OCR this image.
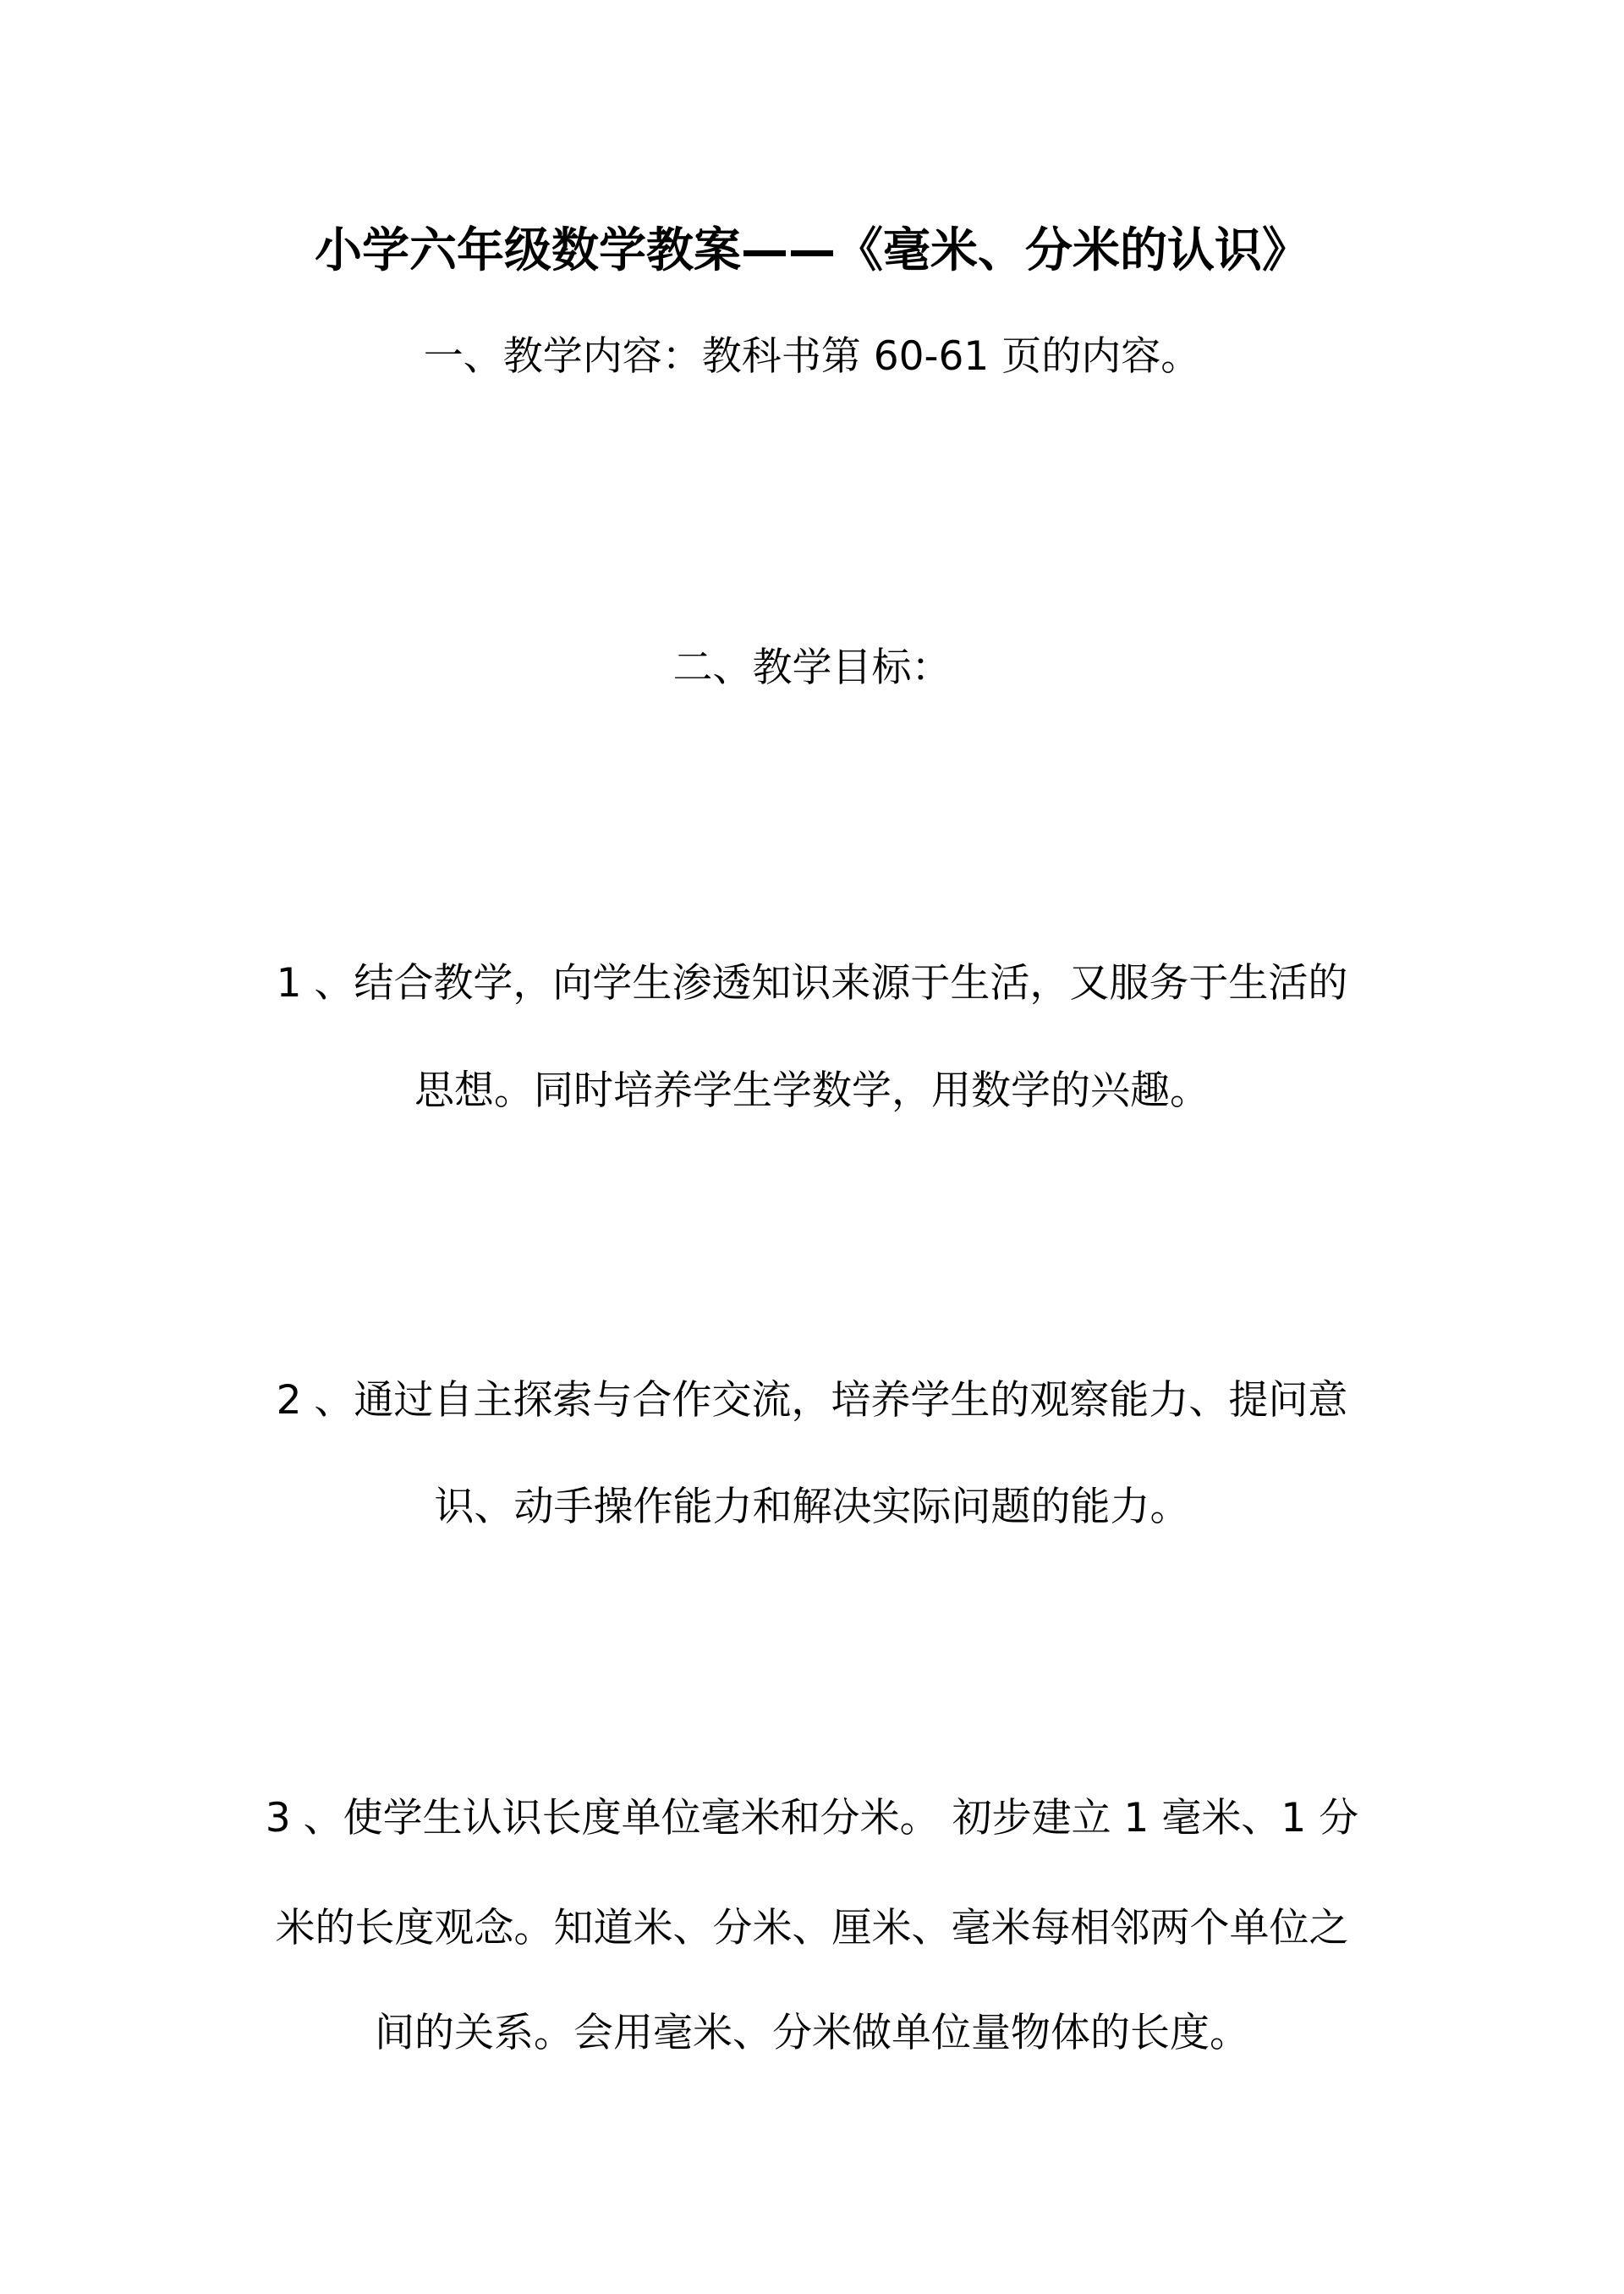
小学六年级数学教案——《毫米、分米的认识》
一、教学内容：教科书第 60-61 页的内容。
二、教学目标：
1 、结合教学，向学生渗透知识来源于生活，又服务于生活的
思想。同时培养学生学数学，用数学的兴趣。
2 、通过自主探索与合作交流，培养学生的观察能力、提问意
识、动手操作能力和解决实际问题的能力。
3 、使学生认识长度单位毫米和分米。 初步建立 1 毫米、1 分
米的长度观念。知道米、分米、厘米、毫米每相邻两个单位之
间的关系。会用毫米、分米做单位量物体的长度。
